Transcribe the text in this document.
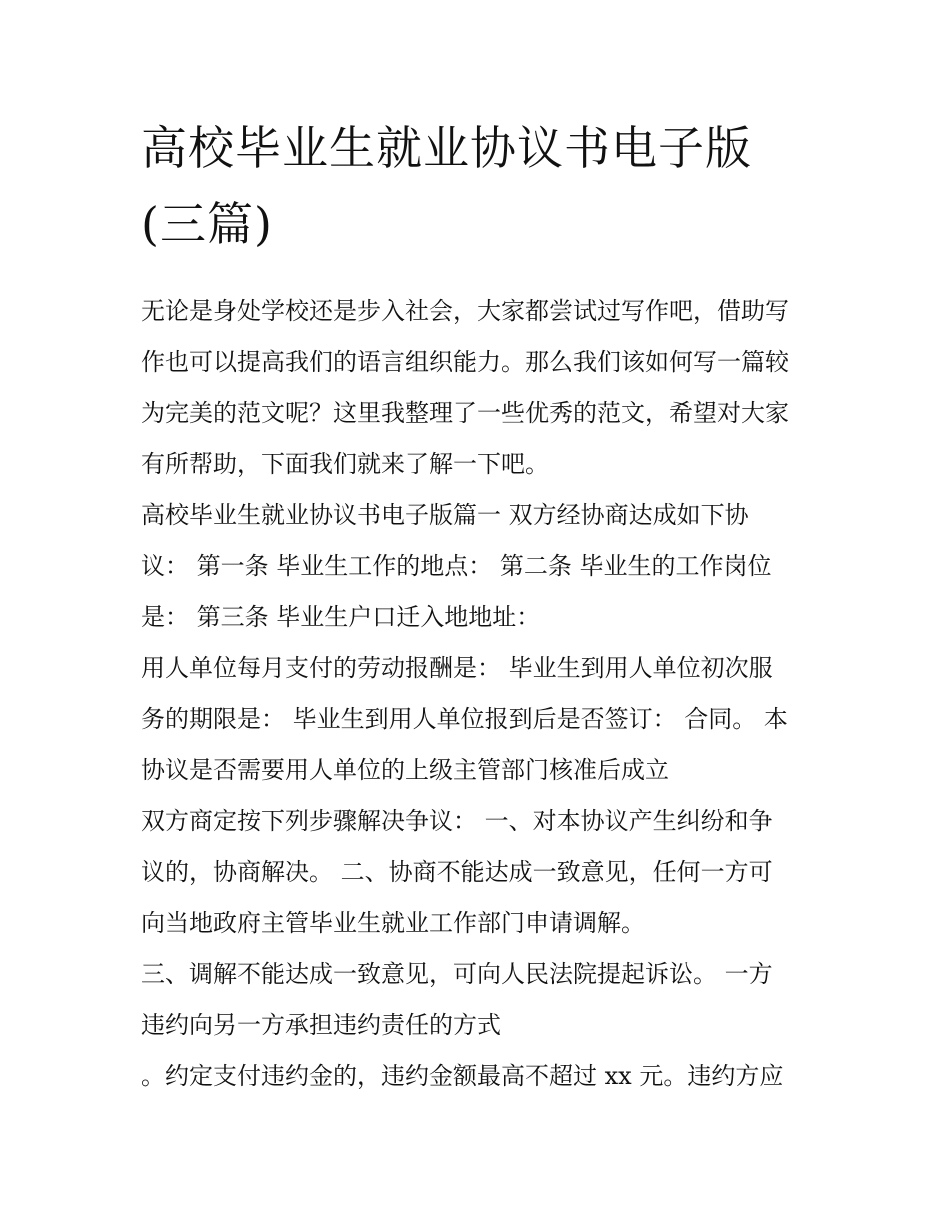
高校毕业生就业协议书电子版
(三篇)
无论是身处学校还是步入社会，大家都尝试过写作吧，借助写
作也可以提高我们的语言组织能力。那么我们该如何写一篇较
为完美的范文呢？这里我整理了一些优秀的范文，希望对大家
有所帮助，下面我们就来了解一下吧。
高校毕业生就业协议书电子版篇一 双方经协商达成如下协
议： 第一条 毕业生工作的地点： 第二条 毕业生的工作岗位
是： 第三条 毕业生户口迁入地地址：
用人单位每月支付的劳动报酬是： 毕业生到用人单位初次服
务的期限是： 毕业生到用人单位报到后是否签订： 合同。 本
协议是否需要用人单位的上级主管部门核准后成立
双方商定按下列步骤解决争议： 一、对本协议产生纠纷和争
议的，协商解决。 二、协商不能达成一致意见，任何一方可
向当地政府主管毕业生就业工作部门申请调解。
三、调解不能达成一致意见，可向人民法院提起诉讼。 一方
违约向另一方承担违约责任的方式
。约定支付违约金的，违约金额最高不超过 xx 元。违约方应
